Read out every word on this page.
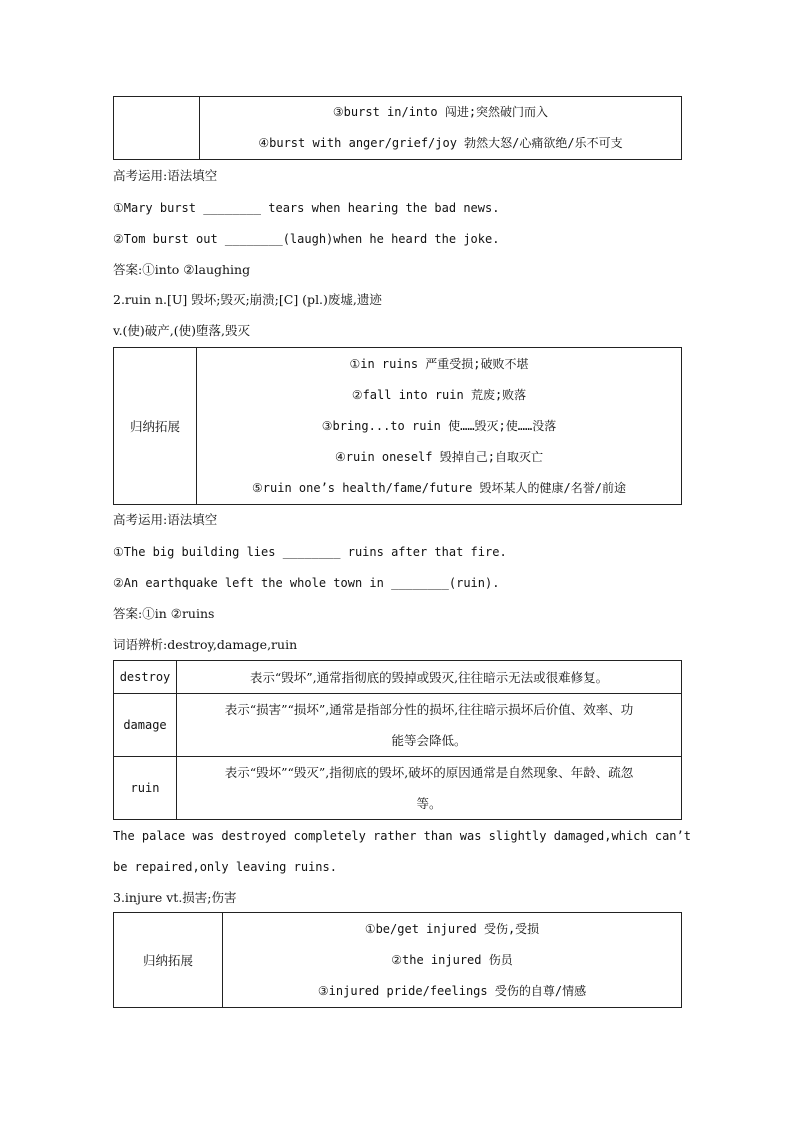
③burst in/into 闯进;突然破门而入
④burst with anger/grief/joy 勃然大怒/心痛欲绝/乐不可支
高考运用:语法填空
①Mary burst ________ tears when hearing the bad news.
②Tom burst out ________(laugh)when he heard the joke.
答案:①into ②laughing
2.ruin n.[U] 毁坏;毁灭;崩溃;[C] (pl.)废墟,遗迹
v.(使)破产,(使)堕落,毁灭
归纳拓展	
①in ruins 严重受损;破败不堪
②fall into ruin 荒废;败落
③bring...to ruin 使……毁灭;使……没落
④ruin oneself 毁掉自己;自取灭亡
⑤ruin one’s health/fame/future 毁坏某人的健康/名誉/前途
高考运用:语法填空
①The big building lies ________ ruins after that fire.
②An earthquake left the whole town in ________(ruin).
答案:①in ②ruins
词语辨析:destroy,damage,ruin
destroy	表示“毁坏”,通常指彻底的毁掉或毁灭,往往暗示无法或很难修复。
damage	表示“损害”“损坏”,通常是指部分性的损坏,往往暗示损坏后价值、效率、功
能等会降低。

ruin	表示“毁坏”“毁灭”,指彻底的毁坏,破坏的原因通常是自然现象、年龄、疏忽
等。
The palace was destroyed completely rather than was slightly damaged,which can’t
be repaired,only leaving ruins.
3.injure vt.损害;伤害
归纳拓展	
①be/get injured 受伤,受损
②the injured 伤员
③injured pride/feelings 受伤的自尊/情感
